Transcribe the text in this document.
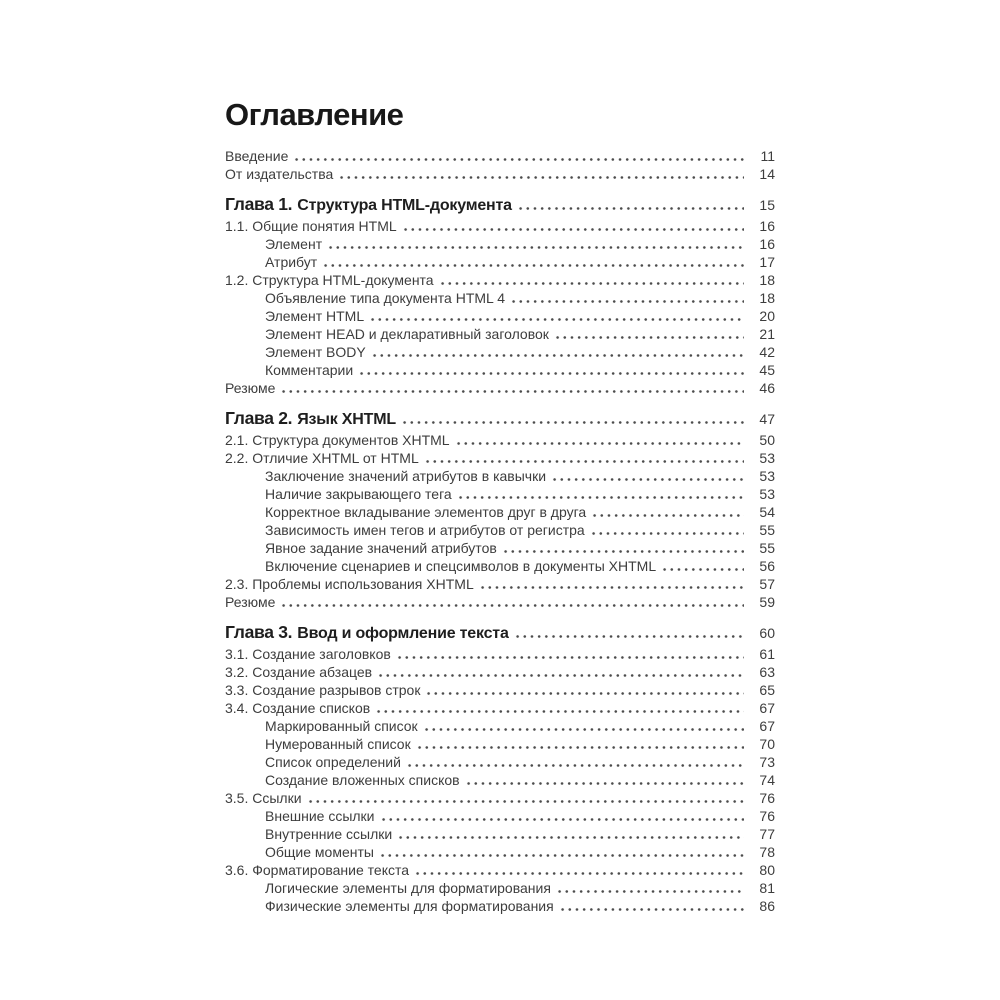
Оглавление
Введение	11
От издательства	14
Глава 1. Структура HTML-документа	15
1.1. Общие понятия HTML	16
Элемент	16
Атрибут	17
1.2. Структура HTML-документа	18
Объявление типа документа HTML 4	18
Элемент HTML	20
Элемент HEAD и декларативный заголовок	21
Элемент BODY	42
Комментарии	45
Резюме	46
Глава 2. Язык XHTML	47
2.1. Структура документов XHTML	50
2.2. Отличие XHTML от HTML	53
Заключение значений атрибутов в кавычки	53
Наличие закрывающего тега	53
Корректное вкладывание элементов друг в друга	54
Зависимость имен тегов и атрибутов от регистра	55
Явное задание значений атрибутов	55
Включение сценариев и спецсимволов в документы XHTML	56
2.3. Проблемы использования XHTML	57
Резюме	59
Глава 3. Ввод и оформление текста	60
3.1. Создание заголовков	61
3.2. Создание абзацев	63
3.3. Создание разрывов строк	65
3.4. Создание списков	67
Маркированный список	67
Нумерованный список	70
Список определений	73
Создание вложенных списков	74
3.5. Ссылки	76
Внешние ссылки	76
Внутренние ссылки	77
Общие моменты	78
3.6. Форматирование текста	80
Логические элементы для форматирования	81
Физические элементы для форматирования	86
